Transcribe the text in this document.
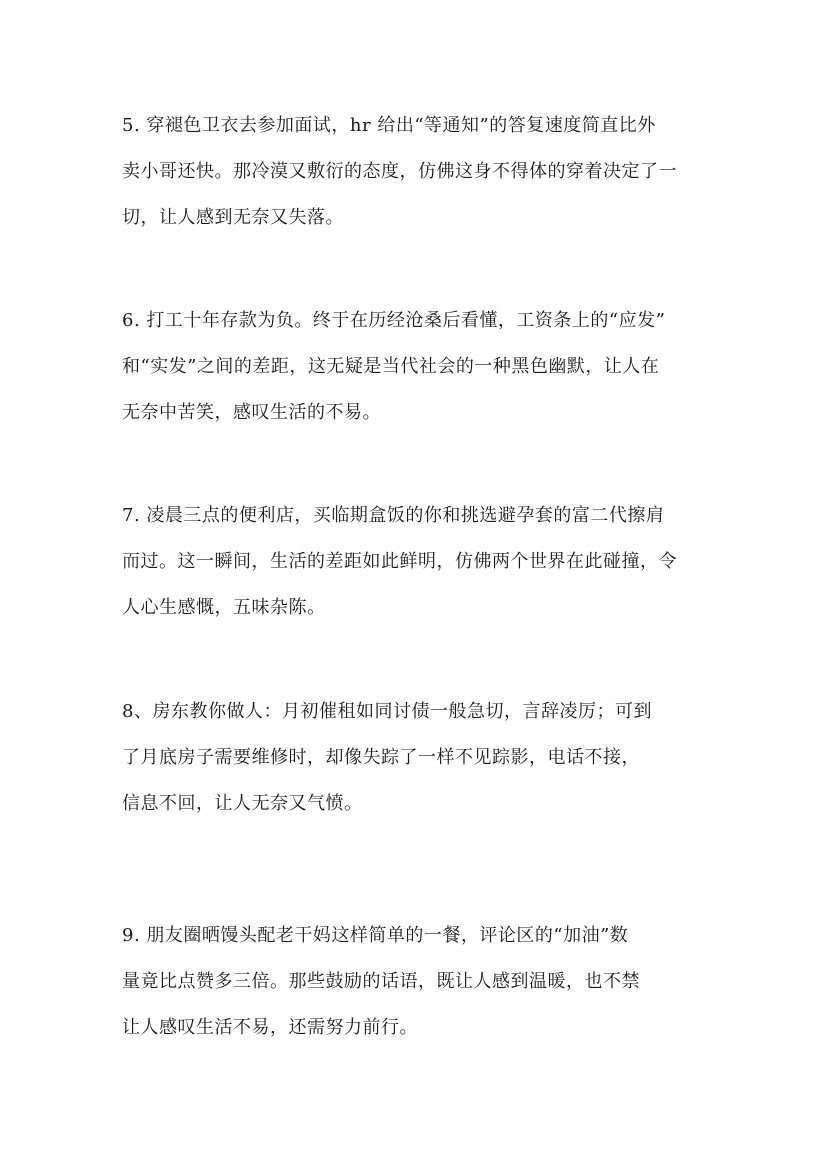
5. 穿褪色卫衣去参加面试，hr 给出“等通知”的答复速度简直比外
卖小哥还快。那冷漠又敷衍的态度，仿佛这身不得体的穿着决定了一
切，让人感到无奈又失落。
6. 打工十年存款为负。终于在历经沧桑后看懂，工资条上的“应发”
和“实发”之间的差距，这无疑是当代社会的一种黑色幽默，让人在
无奈中苦笑，感叹生活的不易。
7. 凌晨三点的便利店，买临期盒饭的你和挑选避孕套的富二代擦肩
而过。这一瞬间，生活的差距如此鲜明，仿佛两个世界在此碰撞，令
人心生感慨，五味杂陈。
8、房东教你做人：月初催租如同讨债一般急切，言辞凌厉；可到
了月底房子需要维修时，却像失踪了一样不见踪影，电话不接，
信息不回，让人无奈又气愤。
9. 朋友圈晒馒头配老干妈这样简单的一餐，评论区的“加油”数
量竟比点赞多三倍。那些鼓励的话语，既让人感到温暖，也不禁
让人感叹生活不易，还需努力前行。
